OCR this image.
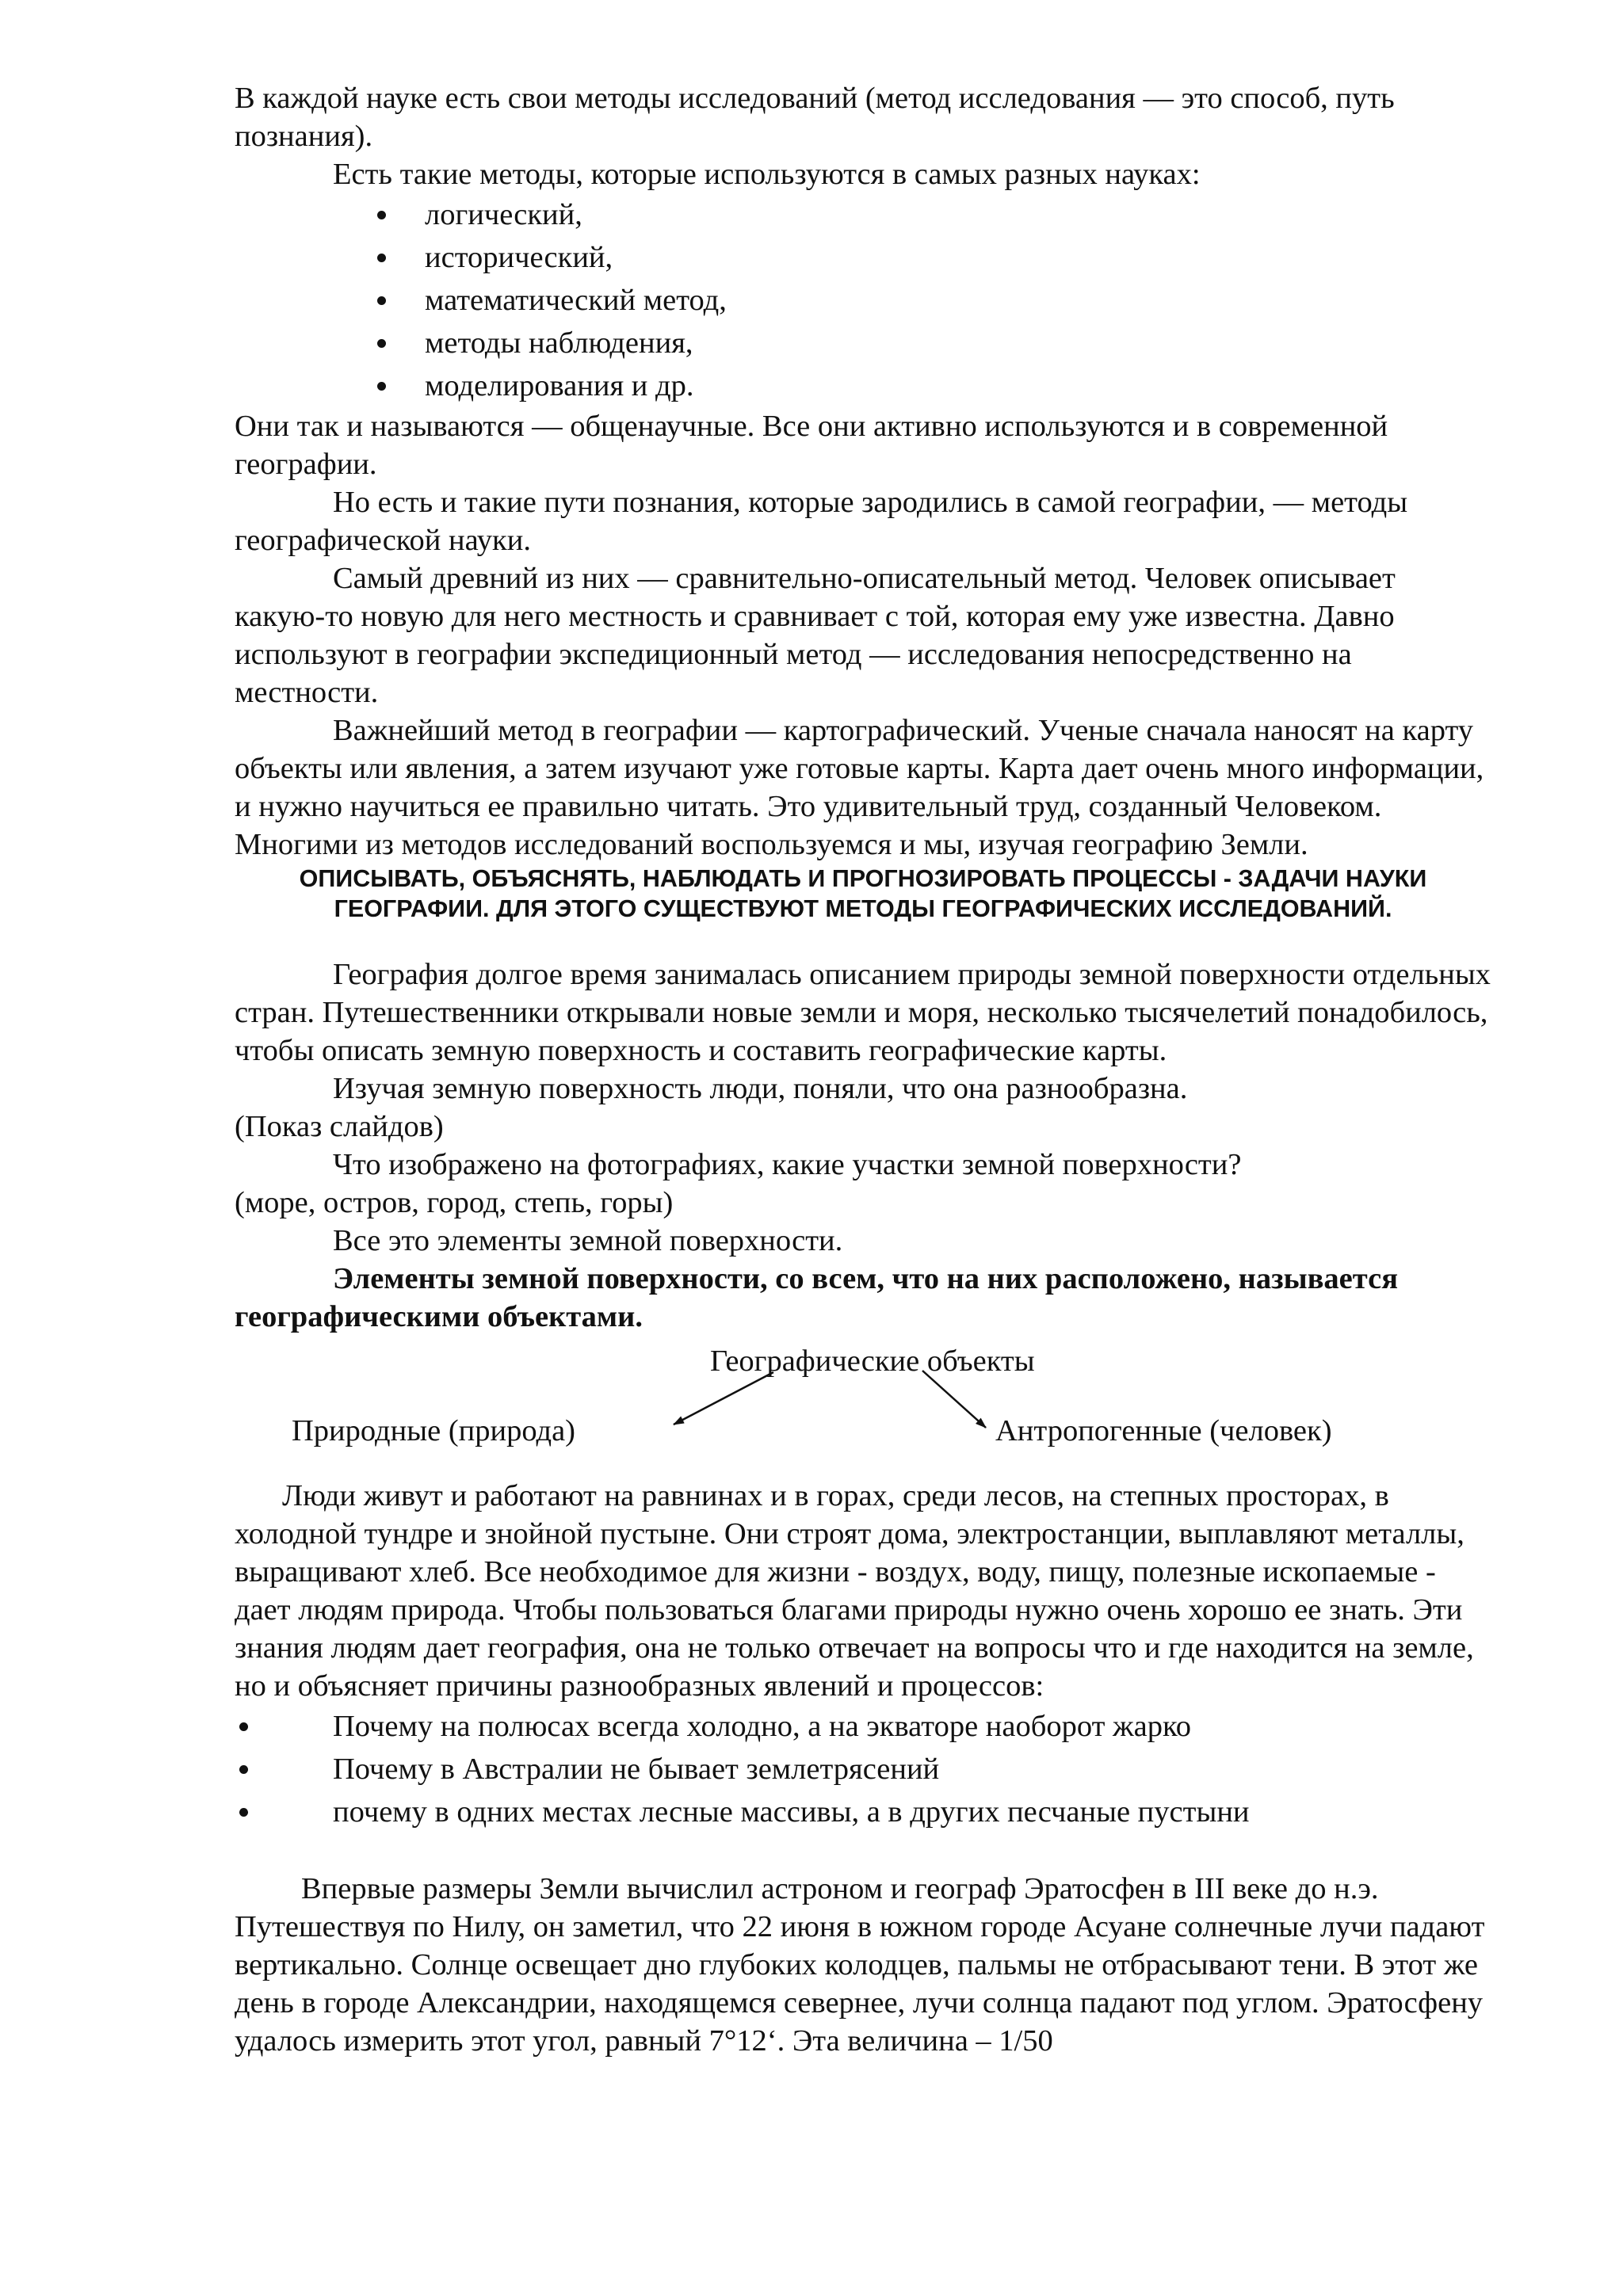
В каждой науке есть свои методы исследований (метод исследования — это способ, путь познания).

Есть такие методы, которые используются в самых разных науках:

логический,
исторический,
математический метод,
методы наблюдения,
моделирования и др.

Они так и называются — общенаучные. Все они активно используются и в современной географии.

Но есть и такие пути познания, которые зародились в самой географии, — методы географической науки.

Самый древний из них — сравнительно-описательный метод. Человек описывает какую-то новую для него местность и сравнивает с той, которая ему уже известна. Давно используют в географии экспедиционный метод — исследования непосредственно на местности.

Важнейший метод в географии — картографический. Ученые сначала наносят на карту объекты или явления, а затем изучают уже готовые карты. Карта дает очень много информации, и нужно научиться ее правильно читать. Это удивительный труд, созданный Человеком. Многими из методов исследований воспользуемся и мы, изучая географию Земли.

ОПИСЫВАТЬ, ОБЪЯСНЯТЬ, НАБЛЮДАТЬ И ПРОГНОЗИРОВАТЬ ПРОЦЕССЫ - ЗАДАЧИ НАУКИ ГЕОГРАФИИ. ДЛЯ ЭТОГО СУЩЕСТВУЮТ МЕТОДЫ ГЕОГРАФИЧЕСКИХ ИССЛЕДОВАНИЙ.

География долгое время занималась описанием природы земной поверхности отдельных стран. Путешественники открывали новые земли и моря, несколько тысячелетий понадобилось, чтобы описать земную поверхность и составить географические карты.

Изучая земную поверхность люди, поняли, что она разнообразна.

(Показ слайдов)

Что изображено на фотографиях, какие участки земной поверхности?

(море, остров, город, степь, горы)

Все это элементы земной поверхности.

Элементы земной поверхности, со всем, что на них расположено, называется географическими объектами.

Географические объекты
Природные (природа)	Антропогенные (человек)

Люди живут и работают на равнинах и в горах, среди лесов, на степных просторах, в холодной тундре и знойной пустыне. Они строят дома, электростанции, выплавляют металлы, выращивают хлеб. Все необходимое для жизни - воздух, воду, пищу, полезные ископаемые - дает людям природа. Чтобы пользоваться благами природы нужно очень хорошо ее знать. Эти знания людям дает география, она не только отвечает на вопросы что и где находится на земле, но и объясняет причины разнообразных явлений и процессов:

Почему на полюсах всегда холодно, а на экваторе наоборот жарко
Почему в Австралии не бывает землетрясений
почему в одних местах лесные массивы, а в других песчаные пустыни

Впервые размеры Земли вычислил астроном и географ Эратосфен в III веке до н.э. Путешествуя по Нилу, он заметил, что 22 июня в южном городе Асуане солнечные лучи падают вертикально. Солнце освещает дно глубоких колодцев, пальмы не отбрасывают тени. В этот же день в городе Александрии, находящемся севернее, лучи солнца падают под углом. Эратосфену удалось измерить этот угол, равный 7°12‘. Эта величина – 1/50
